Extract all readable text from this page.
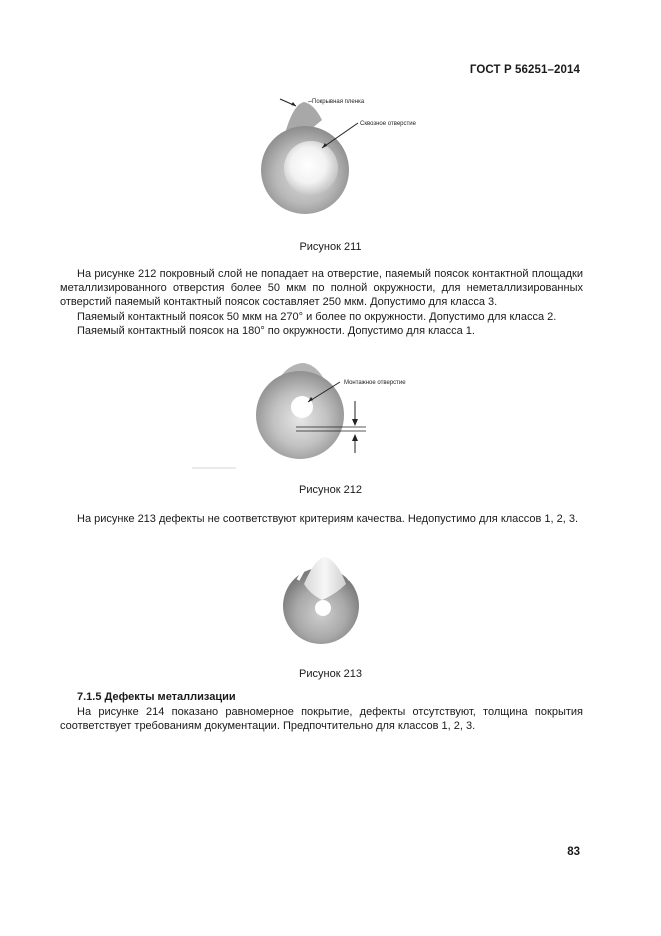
ГОСТ Р 56251–2014
Покрывная пленка
Сквозное отверстие
Рисунок 211

На рисунке 212 покровный слой не попадает на отверстие, паяемый поясок контактной площадки металлизированного отверстия более 50 мкм по полной окружности, для неметаллизированных отверстий паяемый контактный поясок составляет 250 мкм. Допустимо для класса 3.

Паяемый контактный поясок 50 мкм на 270° и более по окружности. Допустимо для класса 2.

Паяемый контактный поясок на 180° по окружности. Допустимо для класса 1.

Монтажное отверстие
Рисунок 212

На рисунке 213 дефекты не соответствуют критериям качества. Недопустимо для классов 1, 2, 3.

Рисунок 213
7.1.5 Дефекты металлизации

На рисунке 214 показано равномерное покрытие, дефекты отсутствуют, толщина покрытия соответствует требованиям документации. Предпочтительно для классов 1, 2, 3.

83
